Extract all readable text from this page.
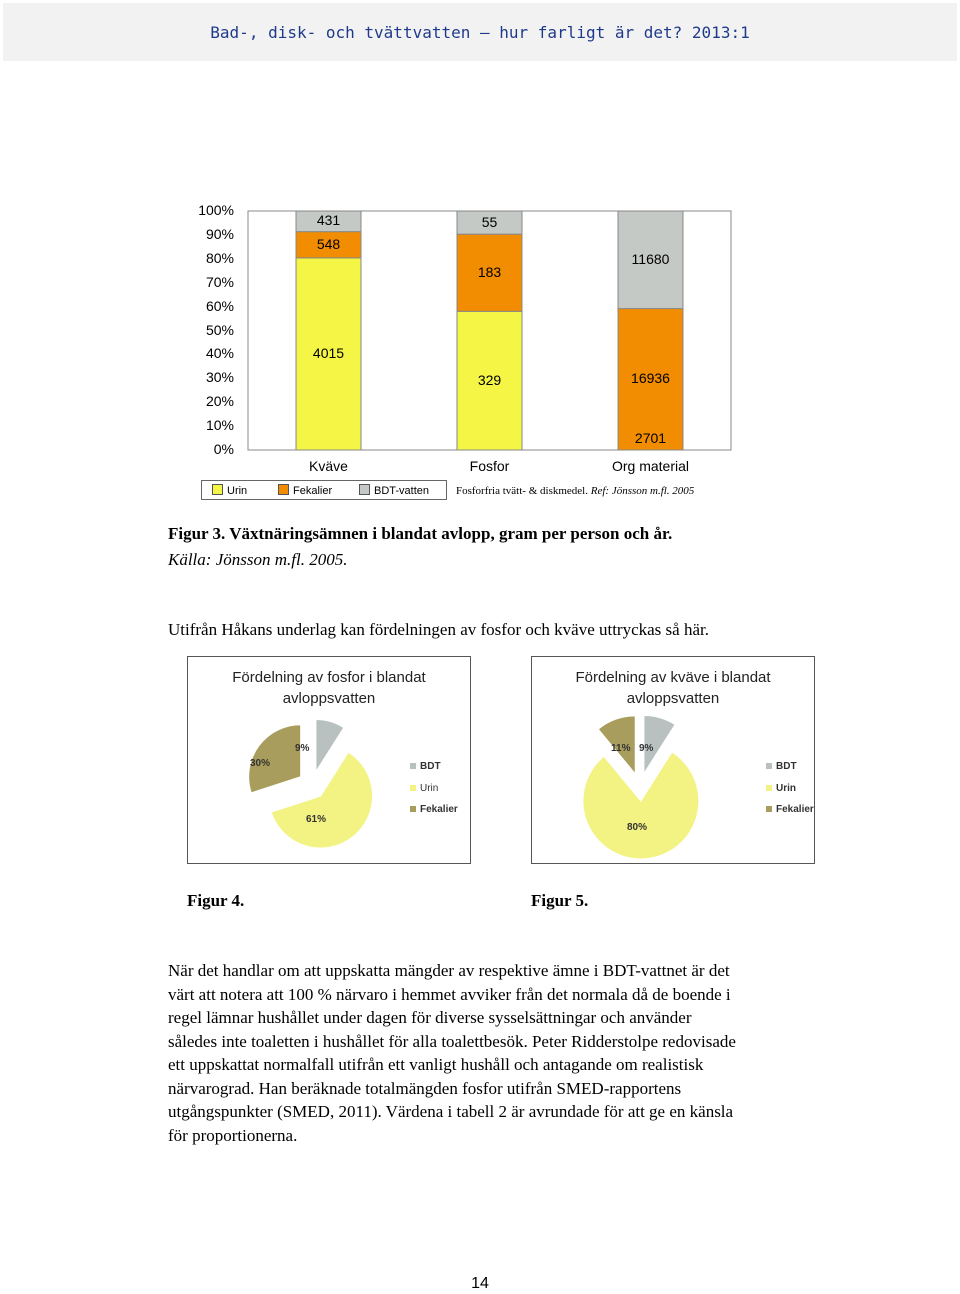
Bad-, disk- och tvättvatten – hur farligt är det? 2013:1
100%
90%
80%
70%
60%
50%
40%
30%
20%
10%
0%
4015
548
431
329
183
55
16936
11680
2701
Kväve	Fosfor	Org material
Urin	Fekalier	BDT-vatten Fosforfria tvätt- & diskmedel. Ref: Jönsson m.fl. 2005
Figur 3. Växtnäringsämnen i blandat avlopp, gram per person och år.
Källa: Jönsson m.fl. 2005.
Utifrån Håkans underlag kan fördelningen av fosfor och kväve uttryckas så här.
Fördelning av fosfor i blandat avloppsvatten
BDT
Urin
Fekalier
9%
61%
30%
Fördelning av kväve i blandat avloppsvatten
BDT
Urin
Fekalier
9%
80%
11%
Figur 4.	Figur 5.
När det handlar om att uppskatta mängder av respektive ämne i BDT-vattnet är det
värt att notera att 100 % närvaro i hemmet avviker från det normala då de boende i
regel lämnar hushållet under dagen för diverse sysselsättningar och använder
således inte toaletten i hushållet för alla toalettbesök. Peter Ridderstolpe redovisade
ett uppskattat normalfall utifrån ett vanligt hushåll och antagande om realistisk
närvarograd. Han beräknade totalmängden fosfor utifrån SMED-rapportens
utgångspunkter (SMED, 2011). Värdena i tabell 2 är avrundade för att ge en känsla
för proportionerna.
14
